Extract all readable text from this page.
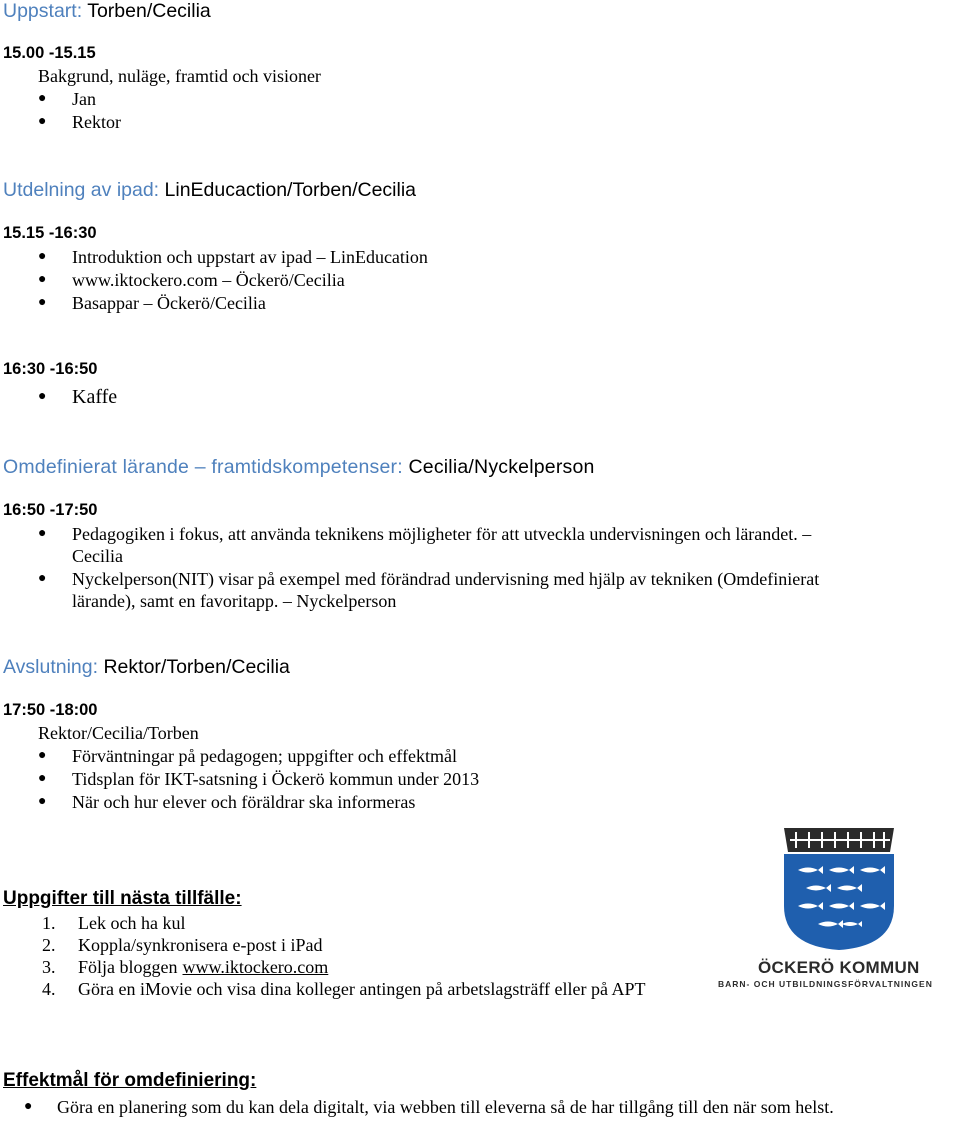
Uppstart: Torben/Cecilia
15.00 -15.15
Bakgrund, nuläge, framtid och visioner
● Jan
● Rektor
Utdelning av ipad: LinEducaction/Torben/Cecilia
15.15 -16:30
● Introduktion och uppstart av ipad – LinEducation
● www.iktockero.com – Öckerö/Cecilia
● Basappar – Öckerö/Cecilia
16:30 -16:50
● Kaffe
Omdefinierat lärande – framtidskompetenser: Cecilia/Nyckelperson
16:50 -17:50
● Pedagogiken i fokus, att använda teknikens möjligheter för att utveckla undervisningen och lärandet. – Cecilia
● Nyckelperson(NIT) visar på exempel med förändrad undervisning med hjälp av tekniken (Omdefinierat lärande), samt en favoritapp. – Nyckelperson
Avslutning: Rektor/Torben/Cecilia
17:50 -18:00
Rektor/Cecilia/Torben
● Förväntningar på pedagogen; uppgifter och effektmål
● Tidsplan för IKT-satsning i Öckerö kommun under 2013
● När och hur elever och föräldrar ska informeras
Uppgifter till nästa tillfälle:
1. Lek och ha kul
2. Koppla/synkronisera e-post i iPad
3. Följa bloggen www.iktockero.com
4. Göra en iMovie och visa dina kolleger antingen på arbetslagsträff eller på APT
Effektmål för omdefiniering:
● Göra en planering som du kan dela digitalt, via webben till eleverna så de har tillgång till den när som helst.
ÖCKERÖ KOMMUN
BARN- OCH UTBILDNINGSFÖRVALTNINGEN
